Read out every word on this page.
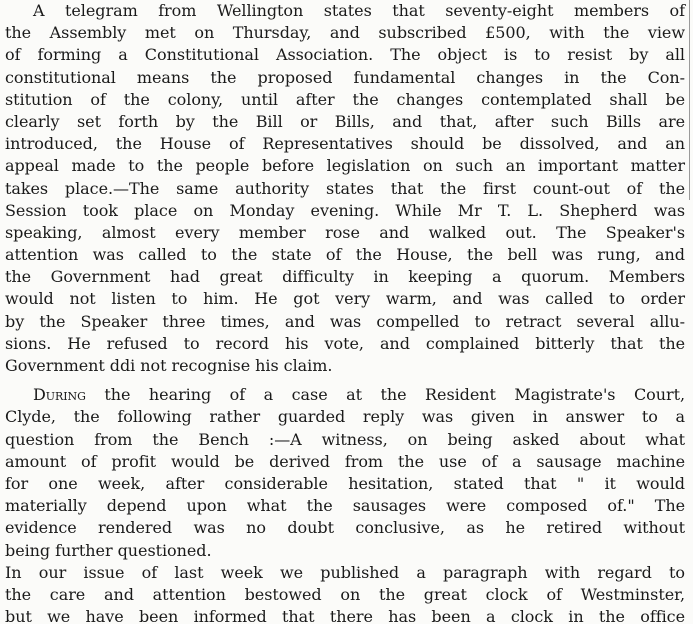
A telegram from Wellington states that seventy-eight members of
the Assembly met on Thursday, and subscribed £500, with the view
of forming a Constitutional Association. The object is to resist by all
constitutional means the proposed fundamental changes in the Con-
stitution of the colony, until after the changes contemplated shall be
clearly set forth by the Bill or Bills, and that, after such Bills are
introduced, the House of Representatives should be dissolved, and an
appeal made to the people before legislation on such an important matter
takes place.—The same authority states that the first count-out of the
Session took place on Monday evening. While Mr T. L. Shepherd was
speaking, almost every member rose and walked out. The Speaker's
attention was called to the state of the House, the bell was rung, and
the Government had great difficulty in keeping a quorum. Members
would not listen to him. He got very warm, and was called to order
by the Speaker three times, and was compelled to retract several allu-
sions. He refused to record his vote, and complained bitterly that the
Government ddi not recognise his claim.
During the hearing of a case at the Resident Magistrate's Court,
Clyde, the following rather guarded reply was given in answer to a
question from the Bench :—A witness, on being asked about what
amount of profit would be derived from the use of a sausage machine
for one week, after considerable hesitation, stated that " it would
materially depend upon what the sausages were composed of." The
evidence rendered was no doubt conclusive, as he retired without
being further questioned.
In our issue of last week we published a paragraph with regard to
the care and attention bestowed on the great clock of Westminster,
but we have been informed that there has been a clock in the office
